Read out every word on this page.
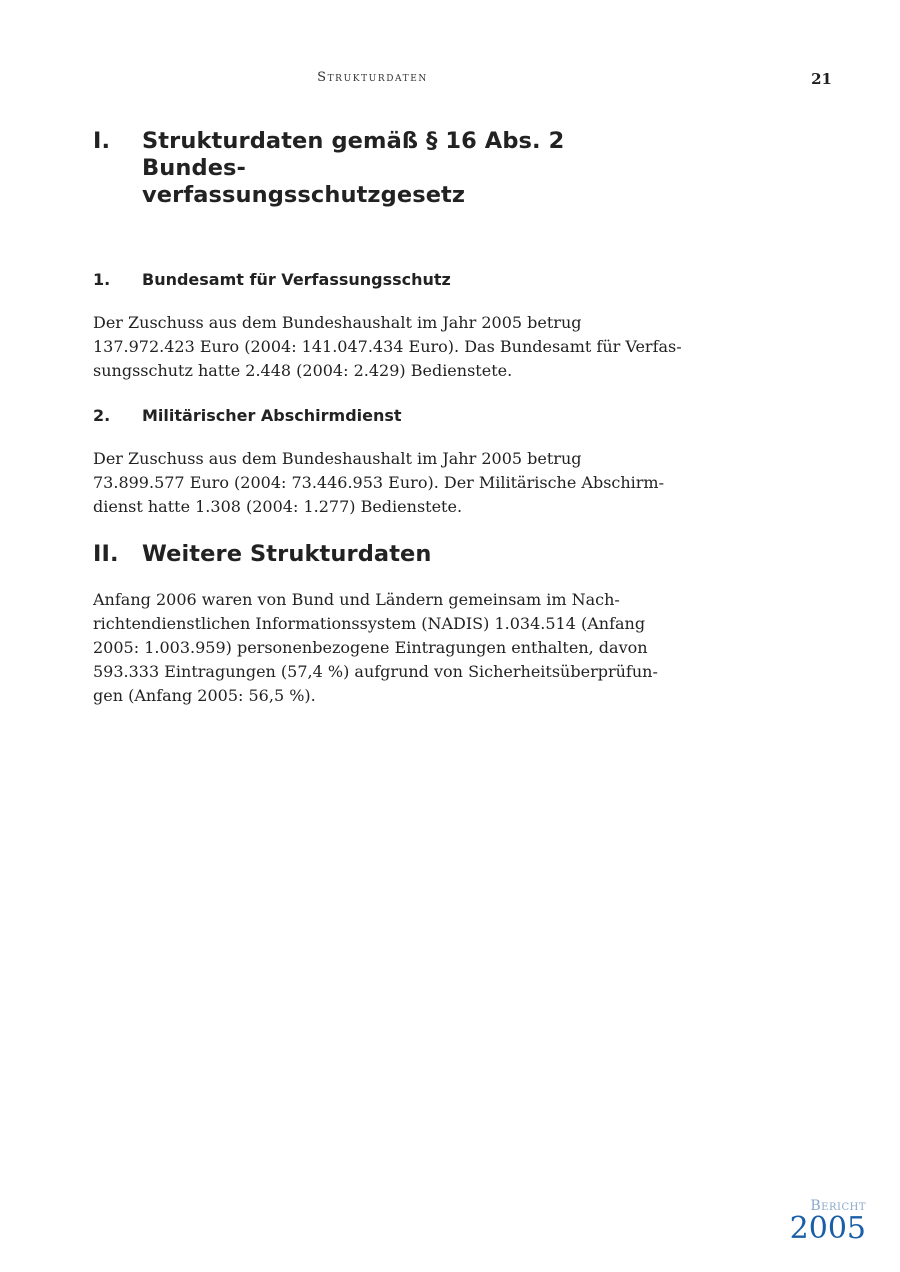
Strukturdaten	21
I.	Strukturdaten gemäß § 16 Abs. 2 Bundes-
verfassungsschutzgesetz
1.	Bundesamt für Verfassungsschutz
Der Zuschuss aus dem Bundeshaushalt im Jahr 2005 betrug
137.972.423 Euro (2004: 141.047.434 Euro). Das Bundesamt für Verfas-
sungsschutz hatte 2.448 (2004: 2.429) Bedienstete.
2.	Militärischer Abschirmdienst
Der Zuschuss aus dem Bundeshaushalt im Jahr 2005 betrug
73.899.577 Euro (2004: 73.446.953 Euro). Der Militärische Abschirm-
dienst hatte 1.308 (2004: 1.277) Bedienstete.
II.	Weitere Strukturdaten
Anfang 2006 waren von Bund und Ländern gemeinsam im Nach-
richtendienstlichen Informationssystem (NADIS) 1.034.514 (Anfang
2005: 1.003.959) personenbezogene Eintragungen enthalten, davon
593.333 Eintragungen (57,4 %) aufgrund von Sicherheitsüberprüfun-
gen (Anfang 2005: 56,5 %).
Bericht
2005
